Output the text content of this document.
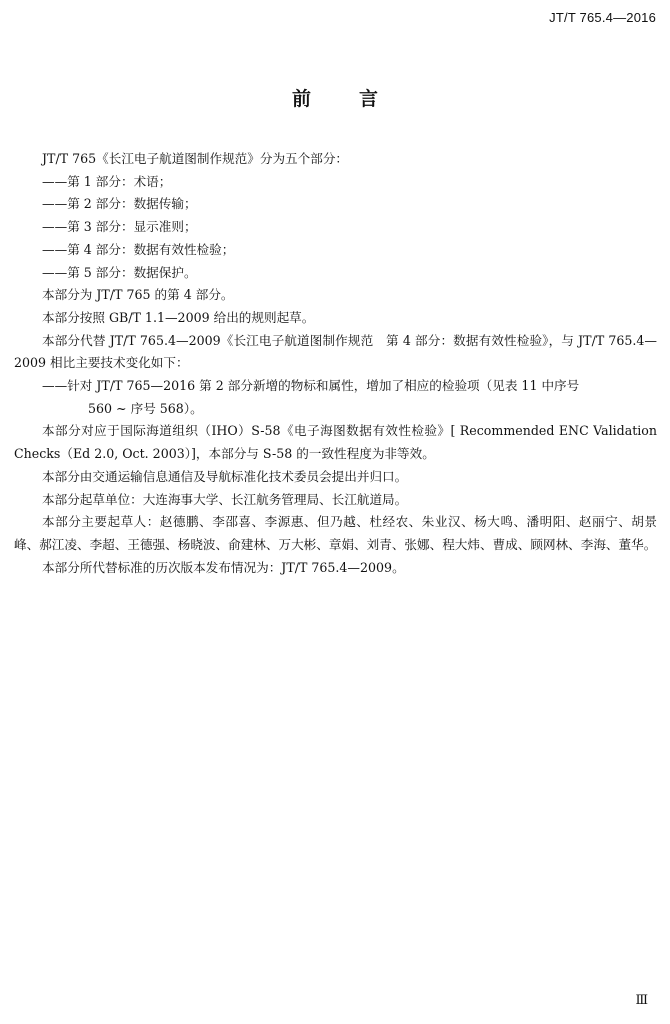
JT/T 765.4—2016
前言

JT/T 765《长江电子航道图制作规范》分为五个部分：

——第 1 部分：术语；

——第 2 部分：数据传输；

——第 3 部分：显示准则；

——第 4 部分：数据有效性检验；

——第 5 部分：数据保护。

本部分为 JT/T 765 的第 4 部分。

本部分按照 GB/T 1.1—2009 给出的规则起草。

本部分代替 JT/T 765.4—2009《长江电子航道图制作规范　第 4 部分：数据有效性检验》，与 JT/T 765.4—2009 相比主要技术变化如下：

——针对 JT/T 765—2016 第 2 部分新增的物标和属性，增加了相应的检验项（见表 11 中序号

560 ~ 序号 568）。

本部分对应于国际海道组织（IHO）S-58《电子海图数据有效性检验》[ Recommended ENC Validation Checks（Ed 2.0, Oct. 2003）]，本部分与 S-58 的一致性程度为非等效。

本部分由交通运输信息通信及导航标准化技术委员会提出并归口。

本部分起草单位：大连海事大学、长江航务管理局、长江航道局。

本部分主要起草人：赵德鹏、李邵喜、李源惠、但乃越、杜经农、朱业汉、杨大鸣、潘明阳、赵丽宁、胡景峰、郝江凌、李超、王德强、杨晓波、俞建林、万大彬、章娟、刘青、张娜、程大炜、曹成、顾网林、李海、董华。

本部分所代替标准的历次版本发布情况为：JT/T 765.4—2009。

Ⅲ
